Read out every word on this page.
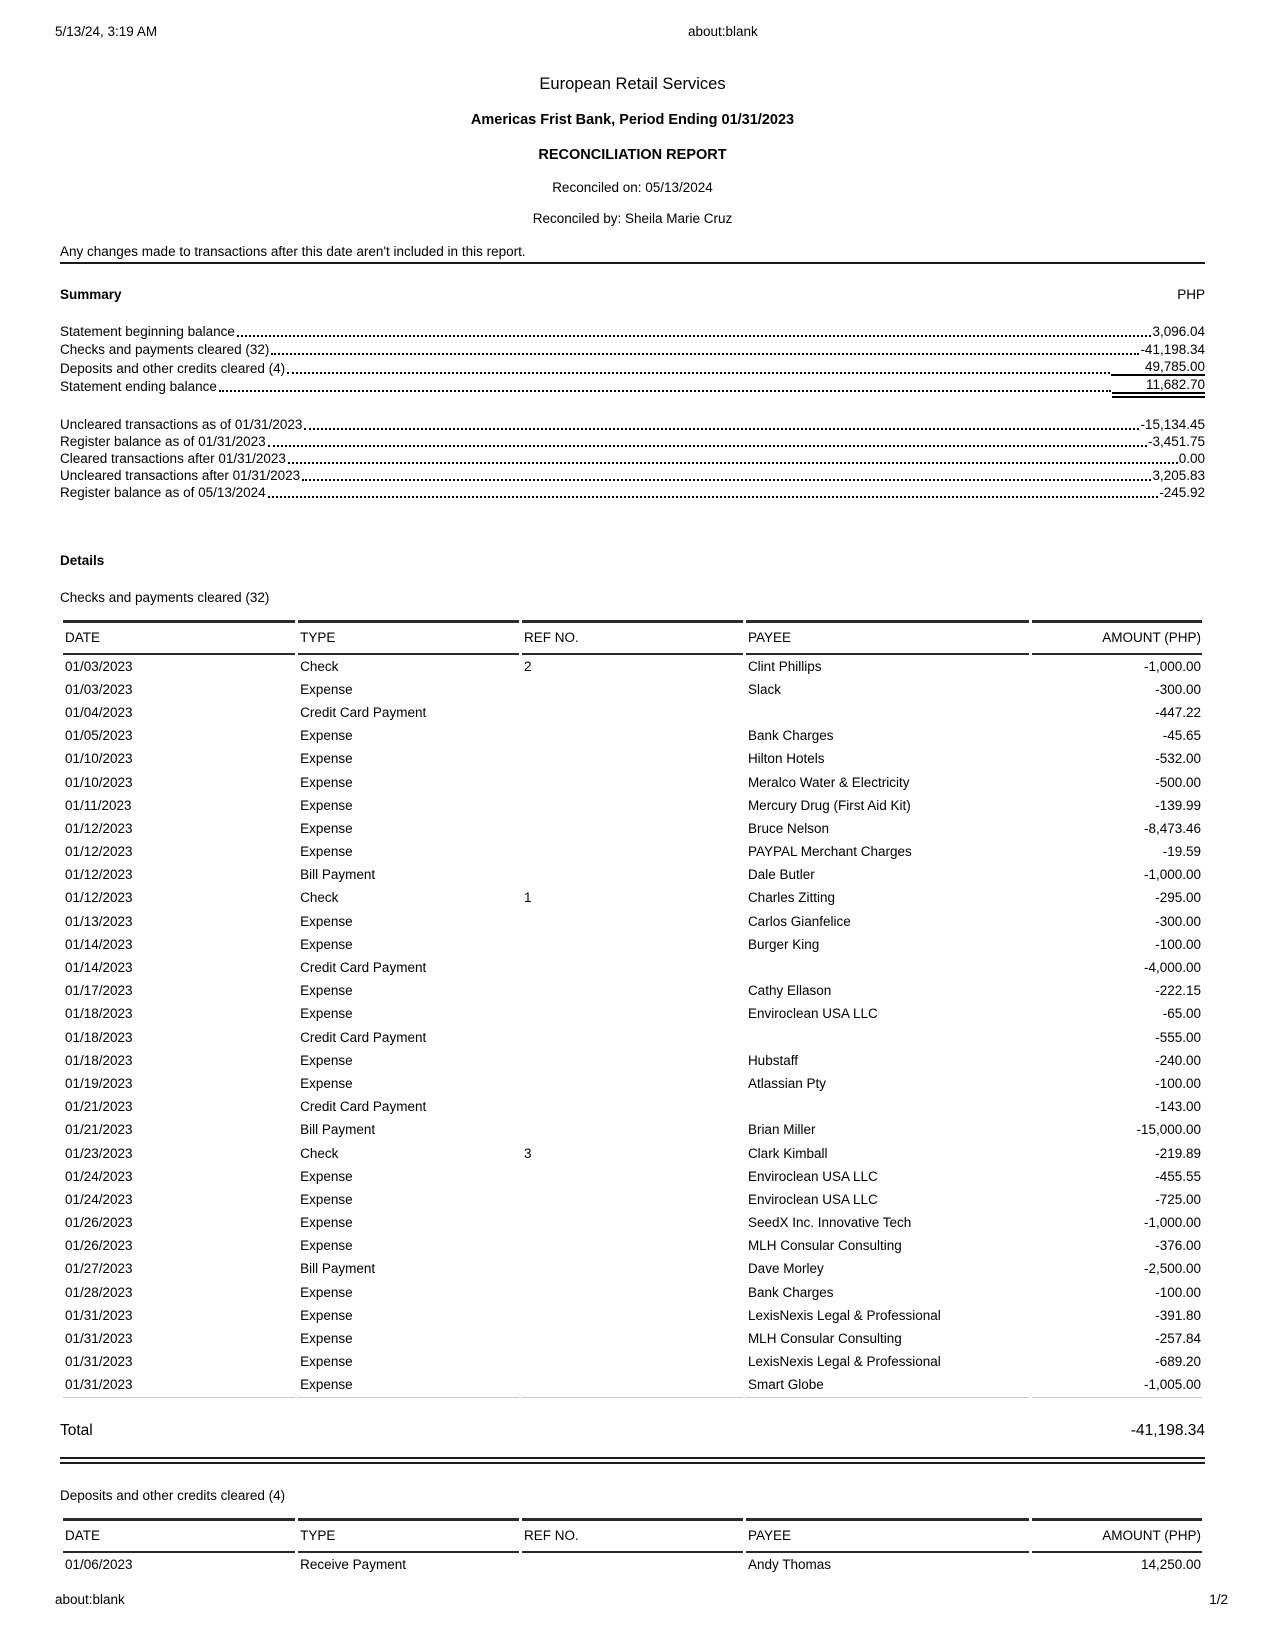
5/13/24, 3:19 AM	about:blank
European Retail Services
Americas Frist Bank, Period Ending 01/31/2023
RECONCILIATION REPORT
Reconciled on: 05/13/2024
Reconciled by: Sheila Marie Cruz
Any changes made to transactions after this date aren't included in this report.
Summary	PHP
Statement beginning balance	3,096.04
Checks and payments cleared (32)	-41,198.34
Deposits and other credits cleared (4)	49,785.00
Statement ending balance	11,682.70
Uncleared transactions as of 01/31/2023	-15,134.45
Register balance as of 01/31/2023	-3,451.75
Cleared transactions after 01/31/2023	0.00
Uncleared transactions after 01/31/2023	3,205.83
Register balance as of 05/13/2024	-245.92
Details
Checks and payments cleared (32)
DATE	TYPE	REF NO.	PAYEE	AMOUNT (PHP)
01/03/2023	Check	2	Clint Phillips	-1,000.00
01/03/2023	Expense		Slack	-300.00
01/04/2023	Credit Card Payment			-447.22
01/05/2023	Expense		Bank Charges	-45.65
01/10/2023	Expense		Hilton Hotels	-532.00
01/10/2023	Expense		Meralco Water & Electricity	-500.00
01/11/2023	Expense		Mercury Drug (First Aid Kit)	-139.99
01/12/2023	Expense		Bruce Nelson	-8,473.46
01/12/2023	Expense		PAYPAL Merchant Charges	-19.59
01/12/2023	Bill Payment		Dale Butler	-1,000.00
01/12/2023	Check	1	Charles Zitting	-295.00
01/13/2023	Expense		Carlos Gianfelice	-300.00
01/14/2023	Expense		Burger King	-100.00
01/14/2023	Credit Card Payment			-4,000.00
01/17/2023	Expense		Cathy Ellason	-222.15
01/18/2023	Expense		Enviroclean USA LLC	-65.00
01/18/2023	Credit Card Payment			-555.00
01/18/2023	Expense		Hubstaff	-240.00
01/19/2023	Expense		Atlassian Pty	-100.00
01/21/2023	Credit Card Payment			-143.00
01/21/2023	Bill Payment		Brian Miller	-15,000.00
01/23/2023	Check	3	Clark Kimball	-219.89
01/24/2023	Expense		Enviroclean USA LLC	-455.55
01/24/2023	Expense		Enviroclean USA LLC	-725.00
01/26/2023	Expense		SeedX Inc. Innovative Tech	-1,000.00
01/26/2023	Expense		MLH Consular Consulting	-376.00
01/27/2023	Bill Payment		Dave Morley	-2,500.00
01/28/2023	Expense		Bank Charges	-100.00
01/31/2023	Expense		LexisNexis Legal & Professional	-391.80
01/31/2023	Expense		MLH Consular Consulting	-257.84
01/31/2023	Expense		LexisNexis Legal & Professional	-689.20
01/31/2023	Expense		Smart Globe	-1,005.00
Total	-41,198.34
Deposits and other credits cleared (4)
DATE	TYPE	REF NO.	PAYEE	AMOUNT (PHP)
01/06/2023	Receive Payment		Andy Thomas	14,250.00
about:blank	1/2
